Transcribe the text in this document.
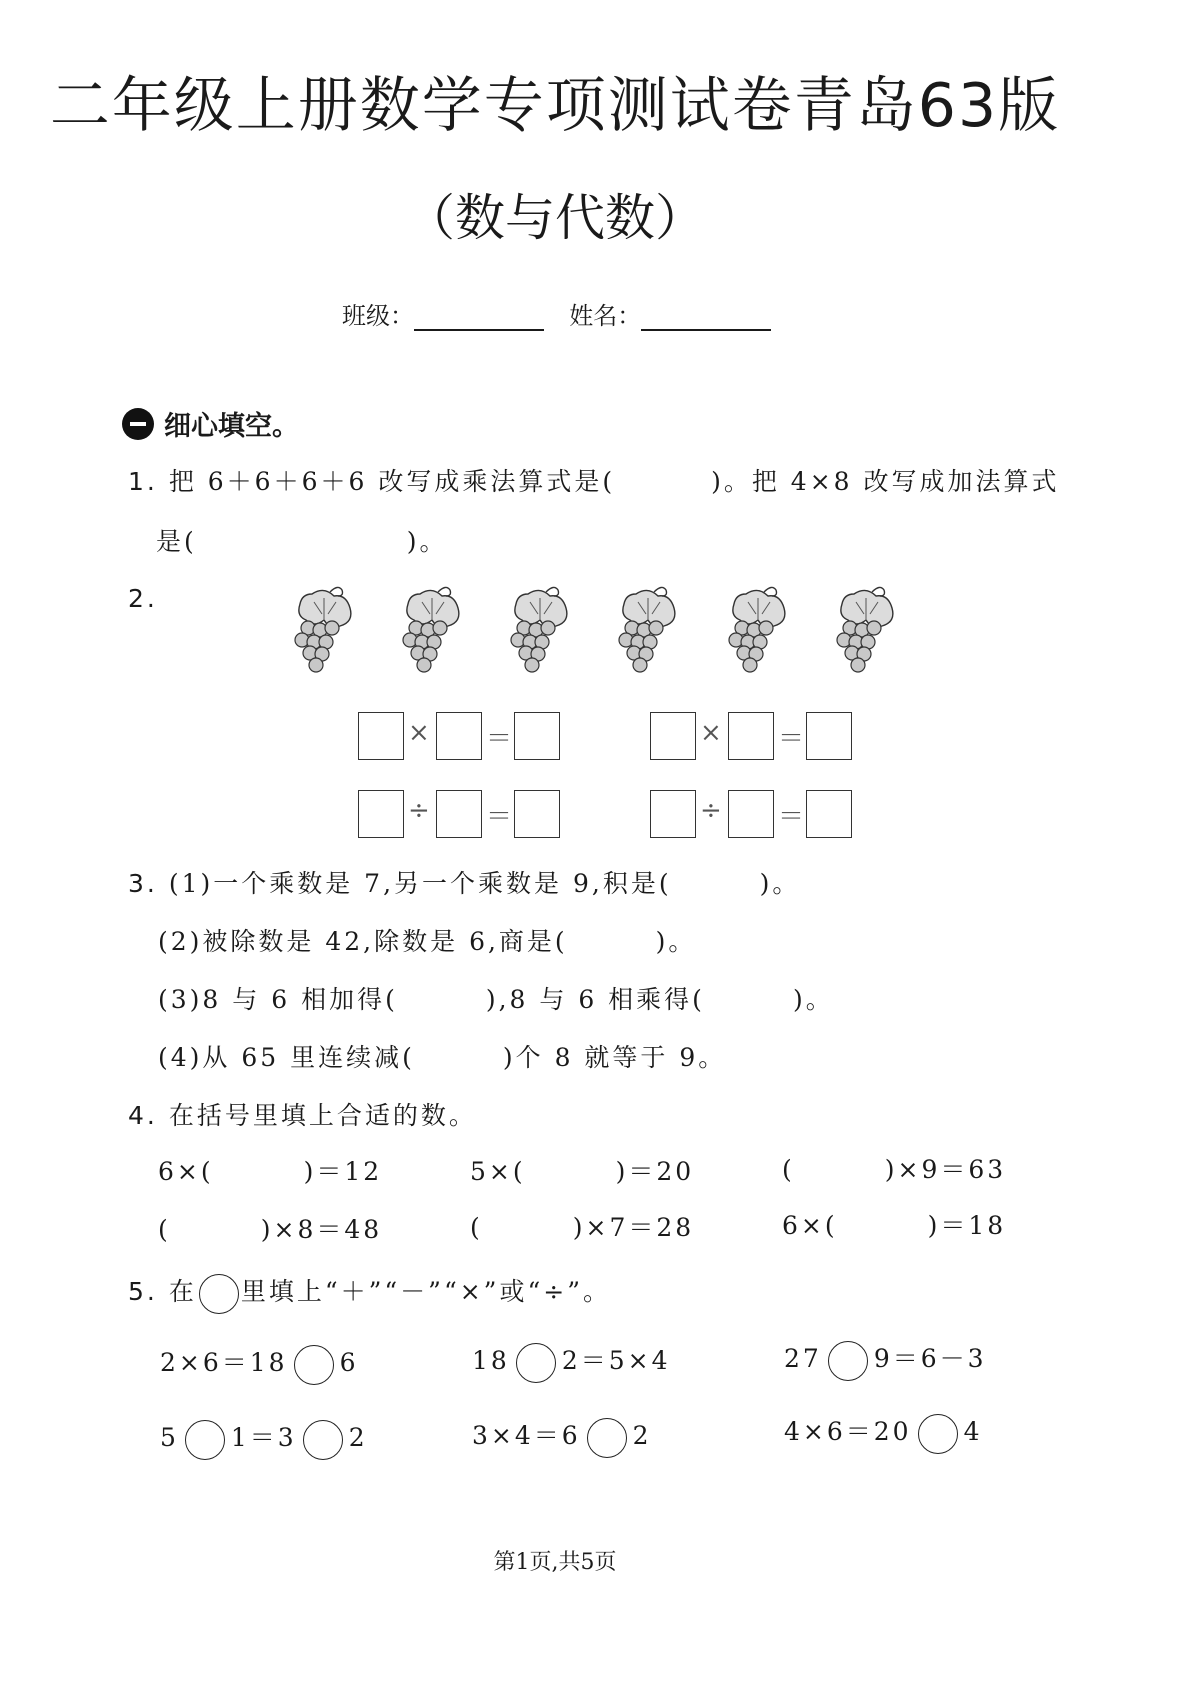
二年级上册数学专项测试卷青岛63版
（数与代数）
班级：	姓名：
细心填空。
1. 把 6＋6＋6＋6 改写成乘法算式是(	)。把 4×8 改写成加法算式
是(	)。
2.
× ＝	× ＝
÷ ＝	÷ ＝
3. (1)一个乘数是 7,另一个乘数是 9,积是(	)。
(2)被除数是 42,除数是 6,商是(	)。
(3)8 与 6 相加得(	),8 与 6 相乘得(	)。
(4)从 65 里连续减(	)个 8 就等于 9。
4. 在括号里填上合适的数。
6×(	)＝12	5×(	)＝20	(	)×9＝63
(	)×8＝48	(	)×7＝28	6×(	)＝18
5. 在 里填上“＋”“－”“×”或“÷”。
2×6＝18 6	18 2＝5×4	27 9＝6－3
5 1＝3 2	3×4＝6 2	4×6＝20 4
第1页,共5页
